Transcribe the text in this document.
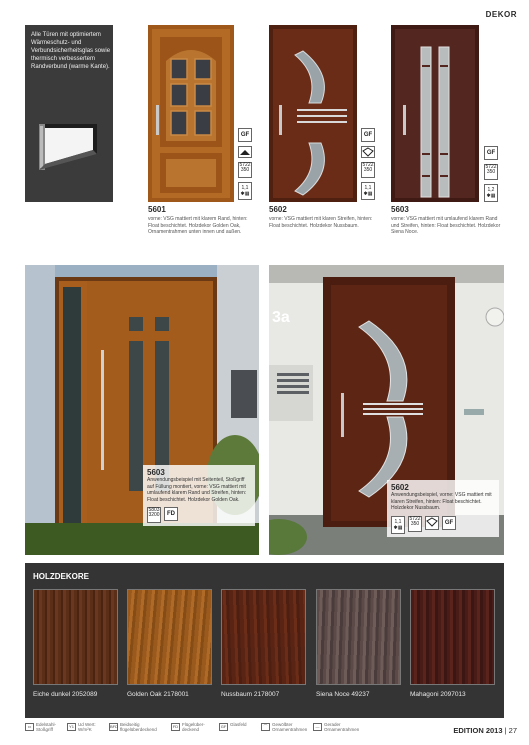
DEKOR
Alle Türen mit optimiertem Wärmeschutz- und Verbundsicherheitsglas sowie thermisch verbessertem Randverbund (warme Kante).
GF
5722
350
1,1
✱▦
5601
vorne: VSG mattiert mit klarem Rand, hinten: Float beschichtet. Holzdekor Golden Oak, Ornamentrahmen unten innen und außen.
GF
5722
350
1,1
✱▦
5602
vorne: VSG mattiert mit klaren Streifen, hinten: Float beschichtet. Holzdekor Nussbaum.
GF
5722
350
1,2
✱▦
5603
vorne: VSG mattiert mit umlaufend klarem Rand und Streifen, hinten: Float beschichtet. Holzdekor Siena Noce.
5603
Anwendungsbeispiel mit Seitenteil, Stoßgriff auf Füllung montiert, vorne: VSG mattiert mit umlaufend klarem Rand und Streifen, hinten: Float beschichtet. Holzdekor Golden Oak.
5803
3200	FD
3a
5602
Anwendungsbeispiel, vorne: VSG mattiert mit klaren Streifen, hinten: Float beschichtet. Holzdekor Nussbaum.
1,1
✱▦
5722
350	GF
HOLZDEKORE
Eiche dunkel 2052089	Golden Oak 2178001	Nussbaum 2178007	Siena Noce 49237	Mahagoni 2097013
▭	Edelstahl-Stoßgriff
Y1 Ud Wert: W/m²K
BFD Beidseitig flügelüberdeckend
FD Flügelüber-deckend
GF Glasfeld	⌒	Gewölbter Ornamentrahmen
—	Gerader Ornamentrahmen	EDITION 2013 | 27
